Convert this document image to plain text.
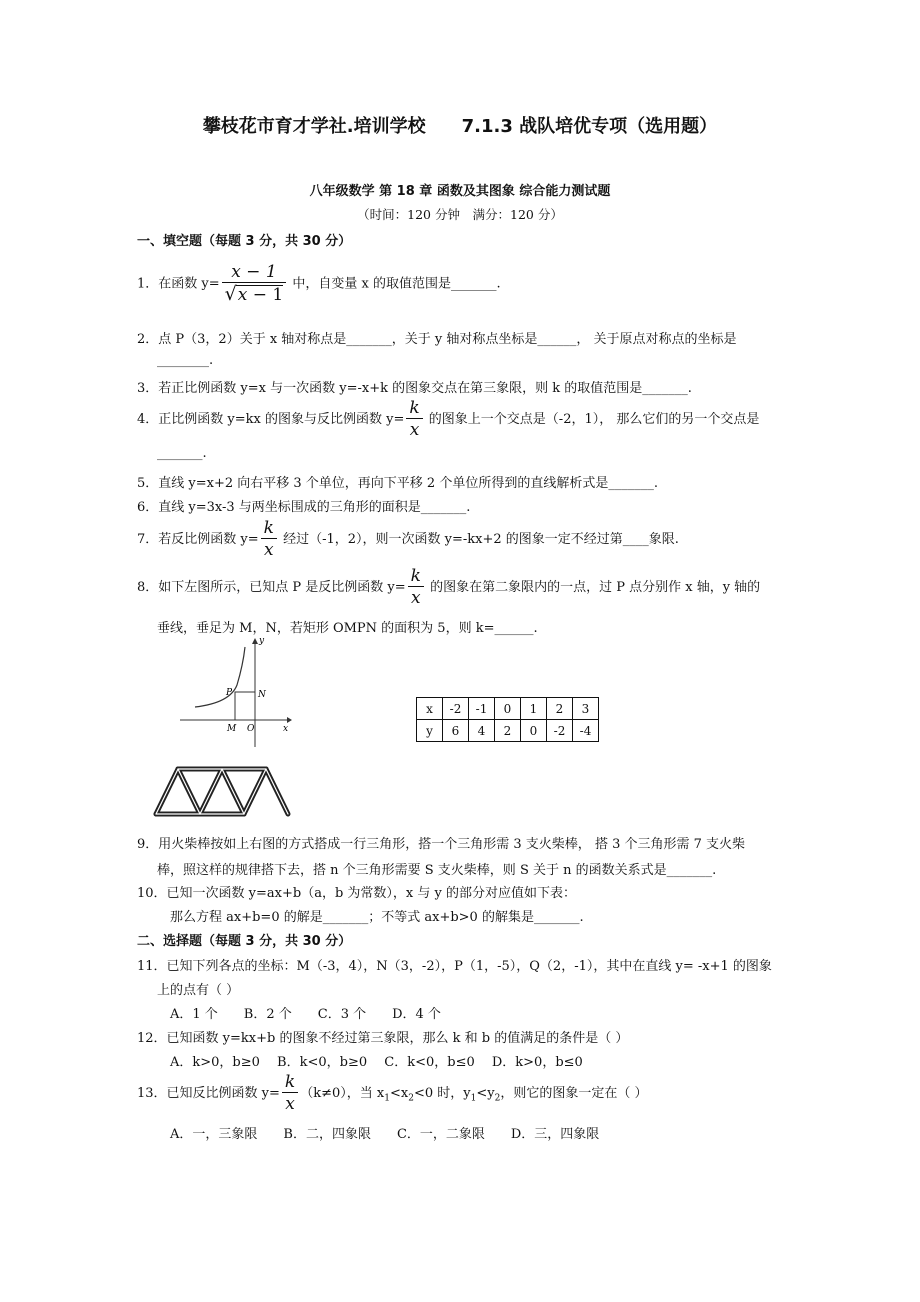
攀枝花市育才学社.培训学校　　7.1.3 战队培优专项（选用题）
八年级数学 第 18 章 函数及其图象 综合能力测试题
（时间：120 分钟　满分：120 分）
一、填空题（每题 3 分，共 30 分）
1．在函数 $y= \frac{x - 1}{√x - 1}$ 中，自变量 x 的取值范围是_______.
2．点 P（3，2）关于 x 轴对称点是_______，关于 y 轴对称点坐标是______， 关于原点对称点的坐标是
________.
3．若正比例函数 y=x 与一次函数 y=-x+k 的图象交点在第三象限，则 k 的取值范围是_______.
4．正比例函数 y=kx 的图象与反比例函数 $y= \frac{k}{x}$ 的图象上一个交点是（-2，1）， 那么它们的另一个交点是
_______.
5．直线 y=x+2 向右平移 3 个单位，再向下平移 2 个单位所得到的直线解析式是_______.
6．直线 y=3x-3 与两坐标围成的三角形的面积是_______.
7．若反比例函数 $y= \frac{k}{x}$ 经过（-1，2），则一次函数 y=-kx+2 的图象一定不经过第____象限.
8．如下左图所示，已知点 P 是反比例函数 $y= \frac{k}{x}$ 的图象在第二象限内的一点，过 P 点分别作 x 轴，y 轴的
垂线，垂足为 M，N，若矩形 OMPN 的面积为 5，则 k=______.
y
x
P	N
M O
x	-2	-1	0	1	2	3
y	6	4	2	0	-2	-4
9．用火柴棒按如上右图的方式搭成一行三角形，搭一个三角形需 3 支火柴棒， 搭 3 个三角形需 7 支火柴
棒，照这样的规律搭下去，搭 n 个三角形需要 S 支火柴棒，则 S 关于 n 的函数关系式是_______.
10．已知一次函数 y=ax+b（a，b 为常数），x 与 y 的部分对应值如下表：
那么方程 ax+b=0 的解是_______；不等式 ax+b>0 的解集是_______.
二、选择题（每题 3 分，共 30 分）
11．已知下列各点的坐标：M（-3，4），N（3，-2），P（1，-5），Q（2，-1），其中在直线 y= -x+1 的图象
上的点有（ ）
A．1 个　　B．2 个　　C．3 个　　D．4 个
12．已知函数 y=kx+b 的图象不经过第三象限，那么 k 和 b 的值满足的条件是（ ）
A．k>0，b≥0　 B．k<0，b≥0　 C．k<0，b≤0　 D．k>0，b≤0
13．已知反比例函数 $y= \frac{k}{x} (k\ne 0)$，当 $x_1<x_2<0$ 时，$y_1<y_2$，则它的图象一定在（ ）
A．一，三象限　　B．二，四象限　　C．一，二象限　　D．三，四象限
